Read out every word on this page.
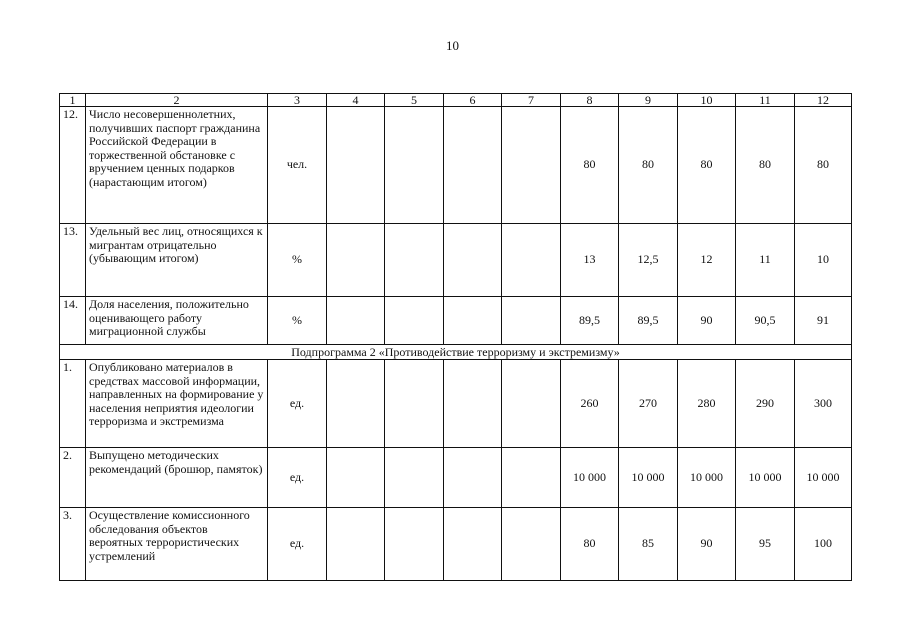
10
1	2	3	4	5	6	7	8	9	10	11	12
12.	Число несовершеннолетних, получивших паспорт гражданина Российской Федерации в торжественной обстановке с вручением ценных подарков (нарастающим итогом)	чел.					80	80	80	80	80
13.	Удельный вес лиц, относящихся к мигрантам отрицательно (убывающим итогом)	%					13	12,5	12	11	10
14.	Доля населения, положительно оценивающего работу миграционной службы	%					89,5	89,5	90	90,5	91
Подпрограмма 2 «Противодействие терроризму и экстремизму»											
1.	Опубликовано материалов в средствах массовой информации, направленных на формирование у населения неприятия идеологии терроризма и экстремизма	ед.					260	270	280	290	300
2.	Выпущено методических рекомендаций (брошюр, памяток)	ед.					10 000	10 000	10 000	10 000	10 000
3.	Осуществление комиссионного обследования объектов вероятных террористических устремлений	ед.					80	85	90	95	100
